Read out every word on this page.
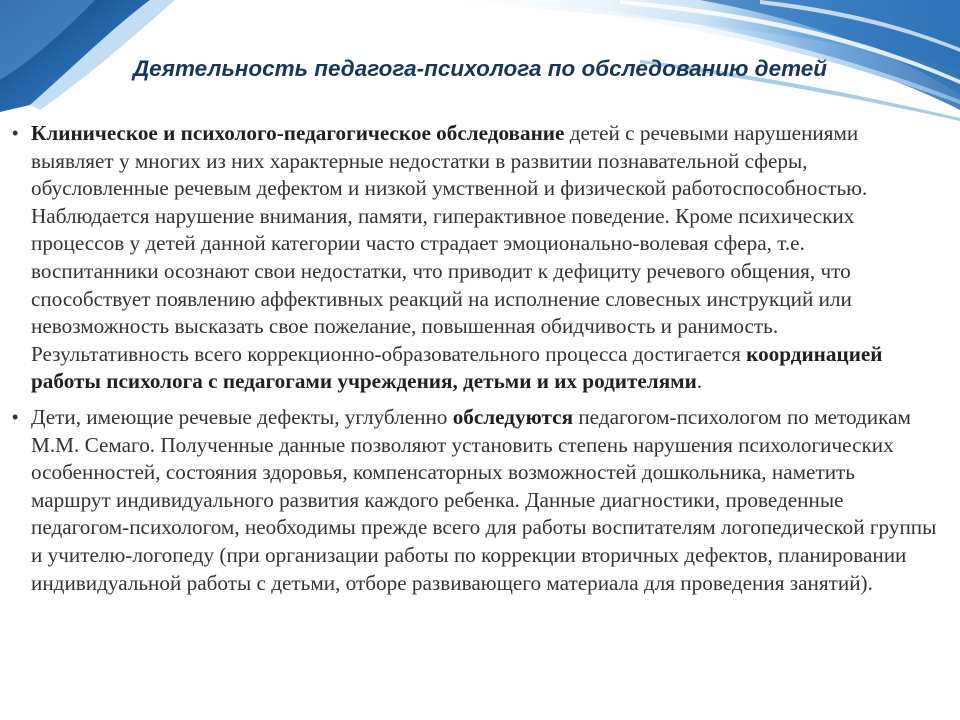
Деятельность педагога-психолога по обследованию детей
• Клиническое и психолого-педагогическое обследование детей с речевыми нарушениями выявляет у многих из них характерные недостатки в развитии познавательной сферы, обусловленные речевым дефектом и низкой умственной и физической работоспособностью. Наблюдается нарушение внимания, памяти, гиперактивное поведение. Кроме психических процессов у детей данной категории часто страдает эмоционально-волевая сфера, т.е. воспитанники осознают свои недостатки, что приводит к дефициту речевого общения, что способствует появлению аффективных реакций на исполнение словесных инструкций или невозможность высказать свое пожелание, повышенная обидчивость и ранимость. Результативность всего коррекционно-образовательного процесса достигается координацией работы психолога с педагогами учреждения, детьми и их родителями.
• Дети, имеющие речевые дефекты, углубленно обследуются педагогом-психологом по методикам М.М. Семаго. Полученные данные позволяют установить степень нарушения психологических особенностей, состояния здоровья, компенсаторных возможностей дошкольника, наметить маршрут индивидуального развития каждого ребенка. Данные диагностики, проведенные педагогом-психологом, необходимы прежде всего для работы воспитателям логопедической группы и учителю-логопеду (при организации работы по коррекции вторичных дефектов, планировании индивидуальной работы с детьми, отборе развивающего материала для проведения занятий).
